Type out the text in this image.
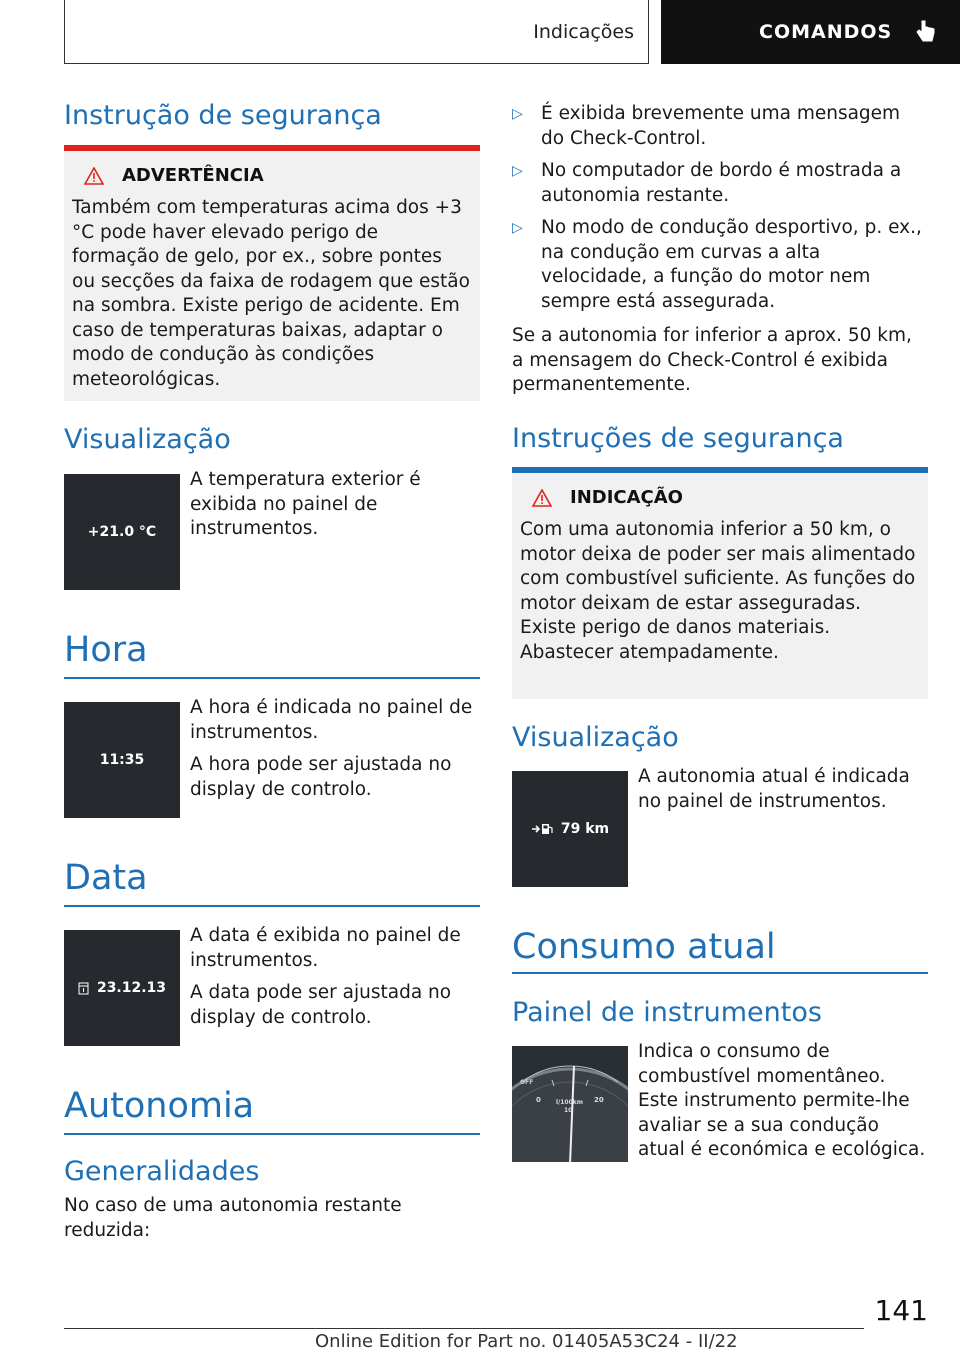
Indicações	COMANDOS
Instrução de segurança
ADVERTÊNCIA
Também com temperaturas acima dos +3 °C pode haver elevado perigo de formação de gelo, por ex., sobre pontes ou secções da faixa de rodagem que estão na sombra. Existe perigo de acidente. Em caso de temperaturas baixas, adaptar o modo de condução às condições meteorológicas.
Visualização
+21.0 °C

A temperatura exterior é exibida no painel de instrumentos.

Hora
11:35

A hora é indicada no painel de instrumentos.

A hora pode ser ajustada no display de controlo.

Data
23.12.13

A data é exibida no painel de instrumentos.

A data pode ser ajustada no display de controlo.

Autonomia
Generalidades
No caso de uma autonomia restante reduzida:
▷ É exibida brevemente uma mensagem do Check-Control.
▷ No computador de bordo é mostrada a autonomia restante.
▷ No modo de condução desportivo, p. ex., na condução em curvas a alta velocidade, a função do motor nem sempre está assegurada.
Se a autonomia for inferior a aprox. 50 km, a mensagem do Check-Control é exibida permanentemente.
Instruções de segurança
INDICAÇÃO
Com uma autonomia inferior a 50 km, o motor deixa de poder ser mais alimentado com combustível suficiente. As funções do motor deixam de estar asseguradas. Existe perigo de danos materiais. Abastecer atempadamente.
Visualização
79 km

A autonomia atual é indicada no painel de instrumentos.

Consumo atual
Painel de instrumentos
OFF
0
10
20
l/100km

Indica o consumo de combustível momentâneo. Este instrumento permite-lhe avaliar se a sua condução atual é económica e ecológica.

141
Online Edition for Part no. 01405A53C24 - II/22
